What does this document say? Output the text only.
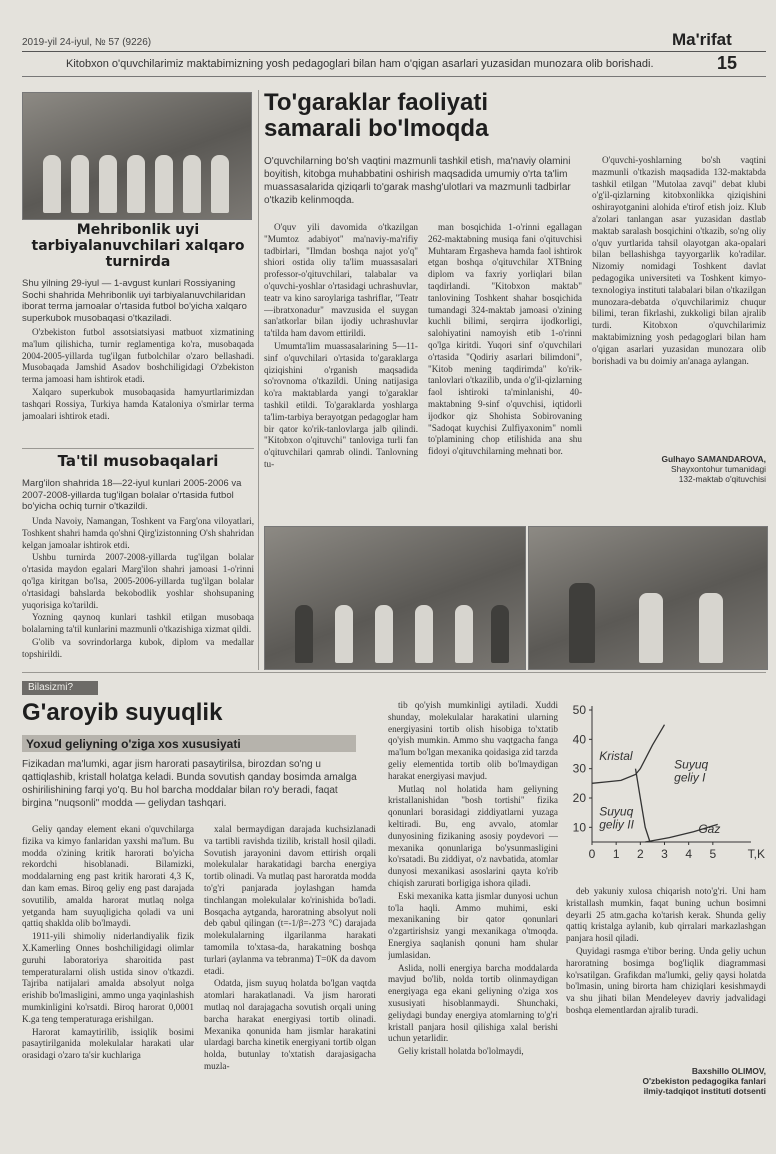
2019-yil 24-iyul, № 57 (9226)	Ma'rifat
Kitobxon o'quvchilarimiz maktabimizning yosh pedagoglari bilan ham o'qigan asarlari yuzasidan munozara olib borishadi.	15
Mehribonlik uyi tarbiyalanuvchilari xalqaro turnirda
Shu yilning 29-iyul — 1-avgust kunlari Rossiyaning Sochi shahrida Mehribonlik uyi tarbiyalanuvchilaridan iborat terma jamoalar o'rtasida futbol bo'yicha xalqaro superkubok musobaqasi o'tkaziladi.

O'zbekiston futbol assotsiatsiyasi matbuot xizmatining ma'lum qilishicha, turnir reglamentiga ko'ra, musobaqada 2004-2005-yillarda tug'ilgan futbolchilar o'zaro bellashadi. Musobaqada Jamshid Asadov boshchiligidagi O'zbekiston terma jamoasi ham ishtirok etadi.

Xalqaro superkubok musobaqasida hamyurtlarimizdan tashqari Rossiya, Turkiya hamda Kataloniya o'smirlar terma jamoalari ishtirok etadi.

Ta'til musobaqalari
Marg'ilon shahrida 18—22-iyul kunlari 2005-2006 va 2007-2008-yillarda tug'ilgan bolalar o'rtasida futbol bo'yicha ochiq turnir o'tkazildi.

Unda Navoiy, Namangan, Toshkent va Farg'ona viloyatlari, Toshkent shahri hamda qo'shni Qirg'izistonning O'sh shahridan kelgan jamoalar ishtirok etdi.

Ushbu turnirda 2007-2008-yillarda tug'ilgan bolalar o'rtasida maydon egalari Marg'ilon shahri jamoasi 1-o'rinni qo'lga kiritgan bo'lsa, 2005-2006-yillarda tug'ilgan bolalar o'rtasidagi bahslarda bekobodlik yoshlar shohsupaning yuqorisiga ko'tarildi.

Yozning qaynoq kunlari tashkil etilgan musobaqa bolalarning ta'til kunlarini mazmunli o'tkazishiga xizmat qildi.

G'olib va sovrindorlarga kubok, diplom va medallar topshirildi.

To'garaklar faoliyati samarali bo'lmoqda
O'quvchilarning bo'sh vaqtini mazmunli tashkil etish, ma'naviy olamini boyitish, kitobga muhabbatini oshirish maqsadida umumiy o'rta ta'lim muassasalarida qiziqarli to'garak mashg'ulotlari va mazmunli tadbirlar o'tkazib kelinmoqda.

O'quv yili davomida o'tkazilgan "Mumtoz adabiyot" ma'naviy-ma'rifiy tadbirlari, "Ilmdan boshqa najot yo'q" shiori ostida oliy ta'lim muassasalari professor-o'qituvchilari, talabalar va o'quvchi-yoshlar o'rtasidagi uchrashuvlar, teatr va kino saroylariga tashriflar, "Teatr—ibratxonadur" mavzusida el suygan san'atkorlar bilan ijodiy uchrashuvlar ta'tilda ham davom ettirildi.

Umumta'lim muassasalarining 5—11-sinf o'quvchilari o'rtasida to'garaklarga qiziqishini o'rganish maqsadida so'rovnoma o'tkazildi. Uning natijasiga ko'ra maktablarda yangi to'garaklar tashkil etildi. To'garaklarda yoshlarga ta'lim-tarbiya berayotgan pedagoglar ham bir qator ko'rik-tanlovlarga jalb qilindi. "Kitobxon o'qituvchi" tanloviga turli fan o'qituvchilari qamrab olindi. Tanlovning tu-

man bosqichida 1-o'rinni egallagan 262-maktabning musiqa fani o'qituvchisi Muhtaram Ergasheva hamda faol ishtirok etgan boshqa o'qituvchilar XTBning diplom va faxriy yorliqlari bilan taqdirlandi. "Kitobxon maktab" tanlovining Toshkent shahar bosqichida tumandagi 324-maktab jamoasi o'zining kuchli bilimi, serqirra ijodkorligi, salohiyatini namoyish etib 1-o'rinni qo'lga kiritdi. Yuqori sinf o'quvchilari o'rtasida "Qodiriy asarlari bilimdoni", "Kitob mening taqdirimda" ko'rik-tanlovlari o'tkazilib, unda o'g'il-qizlarning faol ishtiroki ta'minlanishi, 40-maktabning 9-sinf o'quvchisi, iqtidorli ijodkor qiz Shohista Sobirovaning "Sadoqat kuychisi Zulfiyaxonim" nomli to'plamining chop etilishida ana shu fidoyi o'qituvchilarning mehnati bor.

O'quvchi-yoshlarning bo'sh vaqtini mazmunli o'tkazish maqsadida 132-maktabda tashkil etilgan "Mutolaa zavqi" debat klubi o'g'il-qizlarning kitobxonlikka qiziqishini oshirayotganini alohida e'tirof etish joiz. Klub a'zolari tanlangan asar yuzasidan dastlab maktab saralash bosqichini o'tkazib, so'ng oliy o'quv yurtlarida tahsil olayotgan aka-opalari bilan bellashishga tayyorgarlik ko'radilar. Nizomiy nomidagi Toshkent davlat pedagogika universiteti va Toshkent kimyo-texnologiya instituti talabalari bilan o'tkazilgan munozara-debatda o'quvchilarimiz chuqur bilimi, teran fikrlashi, zukkoligi bilan ajralib turdi. Kitobxon o'quvchilarimiz maktabimizning yosh pedagoglari bilan ham o'qigan asarlari yuzasidan munozara olib borishadi va bu doimiy an'anaga aylangan.

Gulhayo SAMANDAROVA,
Shayxontohur tumanidagi
132-maktab o'qituvchisi
Bilasizmi?
G'aroyib suyuqlik
Yoxud geliyning o'ziga xos xususiyati
Fizikadan ma'lumki, agar jism harorati pasaytirilsa, birozdan so'ng u qattiqlashib, kristall holatga keladi. Bunda sovutish qanday bosimda amalga oshirilishining farqi yo'q. Bu hol barcha moddalar bilan ro'y beradi, faqat birgina "nuqsonli" modda — geliydan tashqari.

Geliy qanday element ekani o'quvchilarga fizika va kimyo fanlaridan yaxshi ma'lum. Bu modda o'zining kritik harorati bo'yicha rekordchi hisoblanadi. Bilamizki, moddalarning eng past kritik harorati 4,3 K, dan kam emas. Biroq geliy eng past darajada sovutilib, amalda harorat mutlaq nolga yetganda ham suyuqligicha qoladi va uni qattiq shaklda olib bo'lmaydi.

1911-yili shimoliy niderlandiyalik fizik X.Kamerling Onnes boshchiligidagi olimlar guruhi laboratoriya sharoitida past temperaturalarni olish ustida sinov o'tkazdi. Tajriba natijalari amalda absolyut nolga erishib bo'lmasligini, ammo unga yaqinlashish mumkinligini ko'rsatdi. Biroq harorat 0,0001 K.ga teng temperaturaga erishilgan.

Harorat kamaytirilib, issiqlik bosimi pasaytirilganida molekulalar harakati ular orasidagi o'zaro ta'sir kuchlariga

xalal bermaydigan darajada kuchsizlanadi va tartibli ravishda tizilib, kristall hosil qiladi. Sovutish jarayonini davom ettirish orqali molekulalar harakatidagi barcha energiya tortib olinadi. Va mutlaq past haroratda modda to'g'ri panjarada joylashgan hamda tinchlangan molekulalar ko'rinishida bo'ladi. Bosqacha aytganda, haroratning absolyut noli deb qabul qilingan (t=-1/β=-273 °C) darajada molekulalarning ilgarilanma harakati tamomila to'xtasa-da, harakatning boshqa turlari (aylanma va tebranma) T=0K da davom etadi.

Odatda, jism suyuq holatda bo'lgan vaqtda atomlari harakatlanadi. Va jism harorati mutlaq nol darajagacha sovutish orqali uning barcha harakat energiyasi tortib olinadi. Mexanika qonunida ham jismlar harakatini ulardagi barcha kinetik energiyani tortib olgan holda, butunlay to'xtatish darajasigacha muzla-

tib qo'yish mumkinligi aytiladi. Xuddi shunday, molekulalar harakatini ularning energiyasini tortib olish hisobiga to'xtatib qo'yish mumkin. Ammo shu vaqtgacha fanga ma'lum bo'lgan mexanika qoidasiga zid tarzda geliy elementida tortib olib bo'lmaydigan harakat energiyasi mavjud.

Mutlaq nol holatida ham geliyning kristallanishidan "bosh tortishi" fizika qonunlari borasidagi ziddiyatlarni yuzaga keltiradi. Bu, eng avvalo, atomlar dunyosining fizikaning asosiy poydevori — mexanika qonunlariga bo'ysunmasligini ko'rsatadi. Bu ziddiyat, o'z navbatida, atomlar dunyosi mexanikasi asoslarini qayta ko'rib chiqish zarurati borligiga ishora qiladi.

Eski mexanika katta jismlar dunyosi uchun to'la haqli. Ammo muhimi, eski mexanikaning bir qator qonunlari o'zgartirishsiz yangi mexanikaga o'tmoqda. Energiya saqlanish qonuni ham shular jumlasidan.

Aslida, nolli energiya barcha moddalarda mavjud bo'lib, nolda tortib olinmaydigan energiyaga ega ekani geliyning o'ziga xos xususiyati hisoblanmaydi. Shunchaki, geliydagi bunday energiya atomlarning to'g'ri kristall panjara hosil qilishiga xalal berishi uchun yetarlidir.

Geliy kristall holatda bo'lolmaydi,

10
20
30
40
50
0 1 2 3 4 5	T,K
Kristal
Suyuq geliy I
Suyuq geliy II	Gaz

deb yakuniy xulosa chiqarish noto'g'ri. Uni ham kristallash mumkin, faqat buning uchun bosimni deyarli 25 atm.gacha ko'tarish kerak. Shunda geliy qattiq kristalga aylanib, kub qirralari markazlashgan panjara hosil qiladi.

Quyidagi rasmga e'tibor bering. Unda geliy uchun haroratning bosimga bog'liqlik diagrammasi ko'rsatilgan. Grafikdan ma'lumki, geliy qaysi holatda bo'lmasin, uning birorta ham chiziqlari kesishmaydi va shu jihati bilan Mendeleyev davriy jadvalidagi boshqa elementlardan ajralib turadi.

Baxshillo OLIMOV,
O'zbekiston pedagogika fanlari
ilmiy-tadqiqot instituti dotsenti
